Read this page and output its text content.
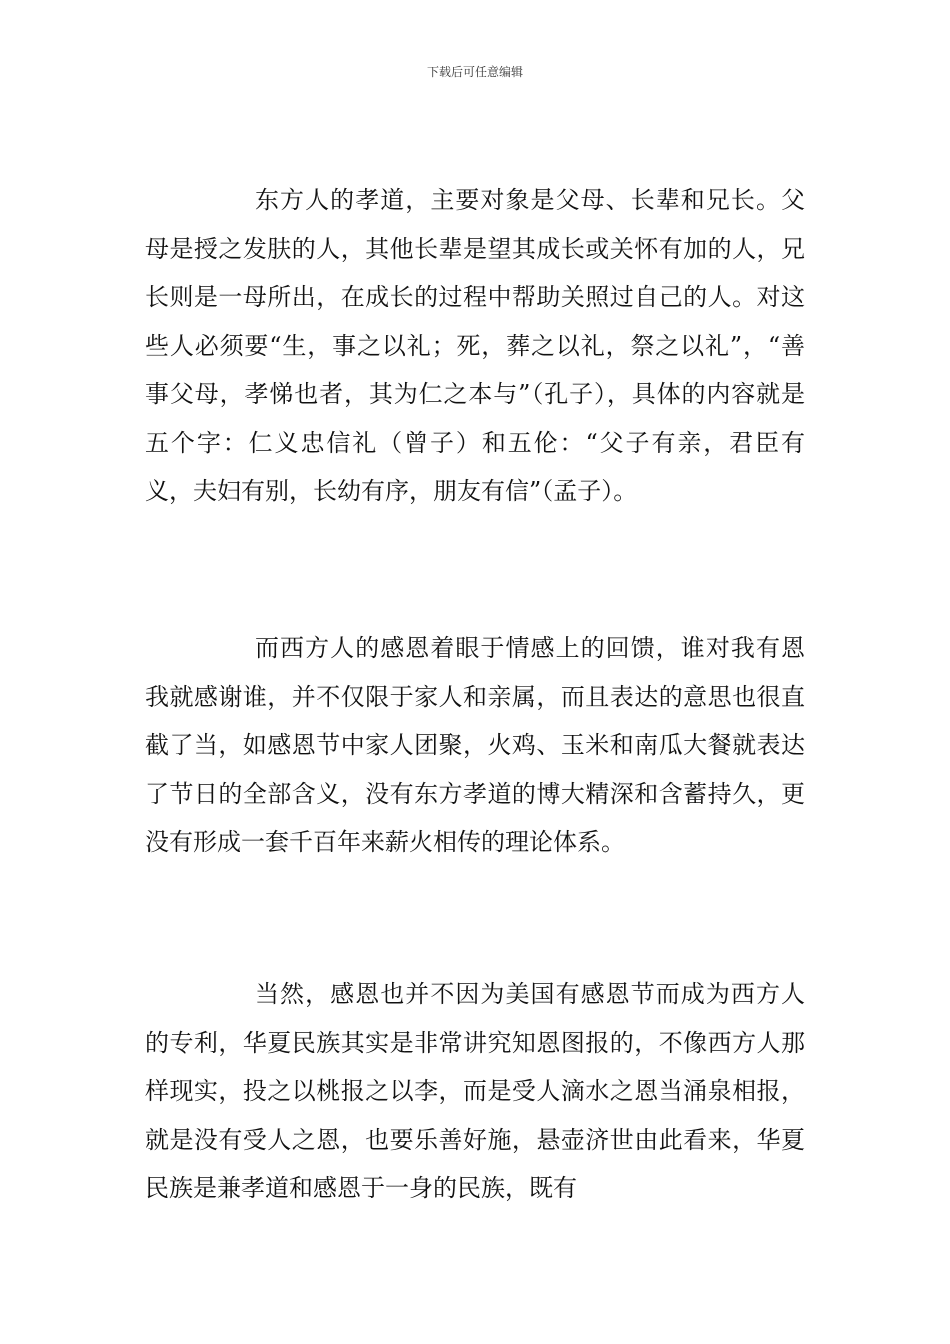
下载后可任意编辑

东方人的孝道，主要对象是父母、长辈和兄长。父母是授之发肤的人，其他长辈是望其成长或关怀有加的人，兄长则是一母所出，在成长的过程中帮助关照过自己的人。对这些人必须要“生，事之以礼；死，葬之以礼，祭之以礼”，“善事父母，孝悌也者，其为仁之本与”（孔子），具体的内容就是五个字：仁义忠信礼（曾子）和五伦：“父子有亲，君臣有义，夫妇有别，长幼有序，朋友有信”（孟子）。

而西方人的感恩着眼于情感上的回馈，谁对我有恩我就感谢谁，并不仅限于家人和亲属，而且表达的意思也很直截了当，如感恩节中家人团聚，火鸡、玉米和南瓜大餐就表达了节日的全部含义，没有东方孝道的博大精深和含蓄持久，更没有形成一套千百年来薪火相传的理论体系。

当然，感恩也并不因为美国有感恩节而成为西方人的专利，华夏民族其实是非常讲究知恩图报的，不像西方人那样现实，投之以桃报之以李，而是受人滴水之恩当涌泉相报，就是没有受人之恩，也要乐善好施，悬壶济世由此看来，华夏民族是兼孝道和感恩于一身的民族，既有
